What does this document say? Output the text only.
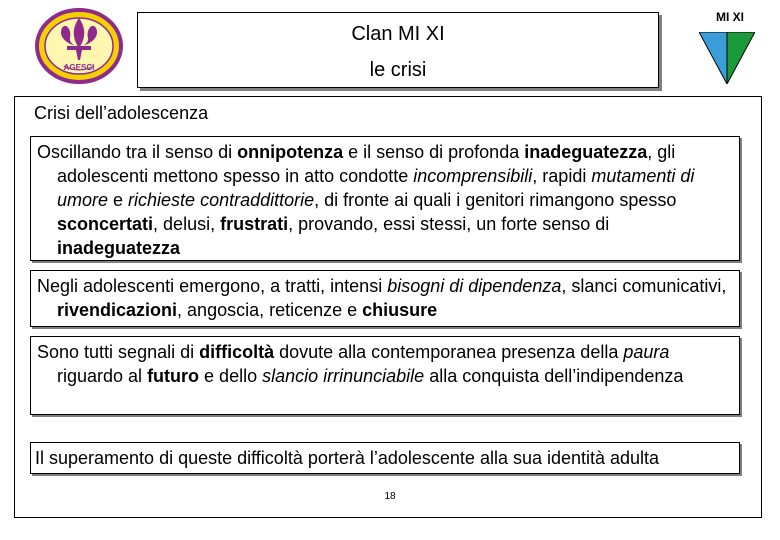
AGESCI
Clan MI XI
le crisi
MI XI
Crisi dell’adolescenza

Oscillando tra il senso di onnipotenza e il senso di profonda inadeguatezza, gli adolescenti mettono spesso in atto condotte incomprensibili, rapidi mutamenti di umore e richieste contraddittorie, di fronte ai quali i genitori rimangono spesso sconcertati, delusi, frustrati, provando, essi stessi, un forte senso di inadeguatezza

Negli adolescenti emergono, a tratti, intensi bisogni di dipendenza, slanci comunicativi, rivendicazioni, angoscia, reticenze e chiusure

Sono tutti segnali di difficoltà dovute alla contemporanea presenza della paura riguardo al futuro e dello slancio irrinunciabile alla conquista dell’indipendenza

Il superamento di queste difficoltà porterà l’adolescente alla sua identità adulta

18
